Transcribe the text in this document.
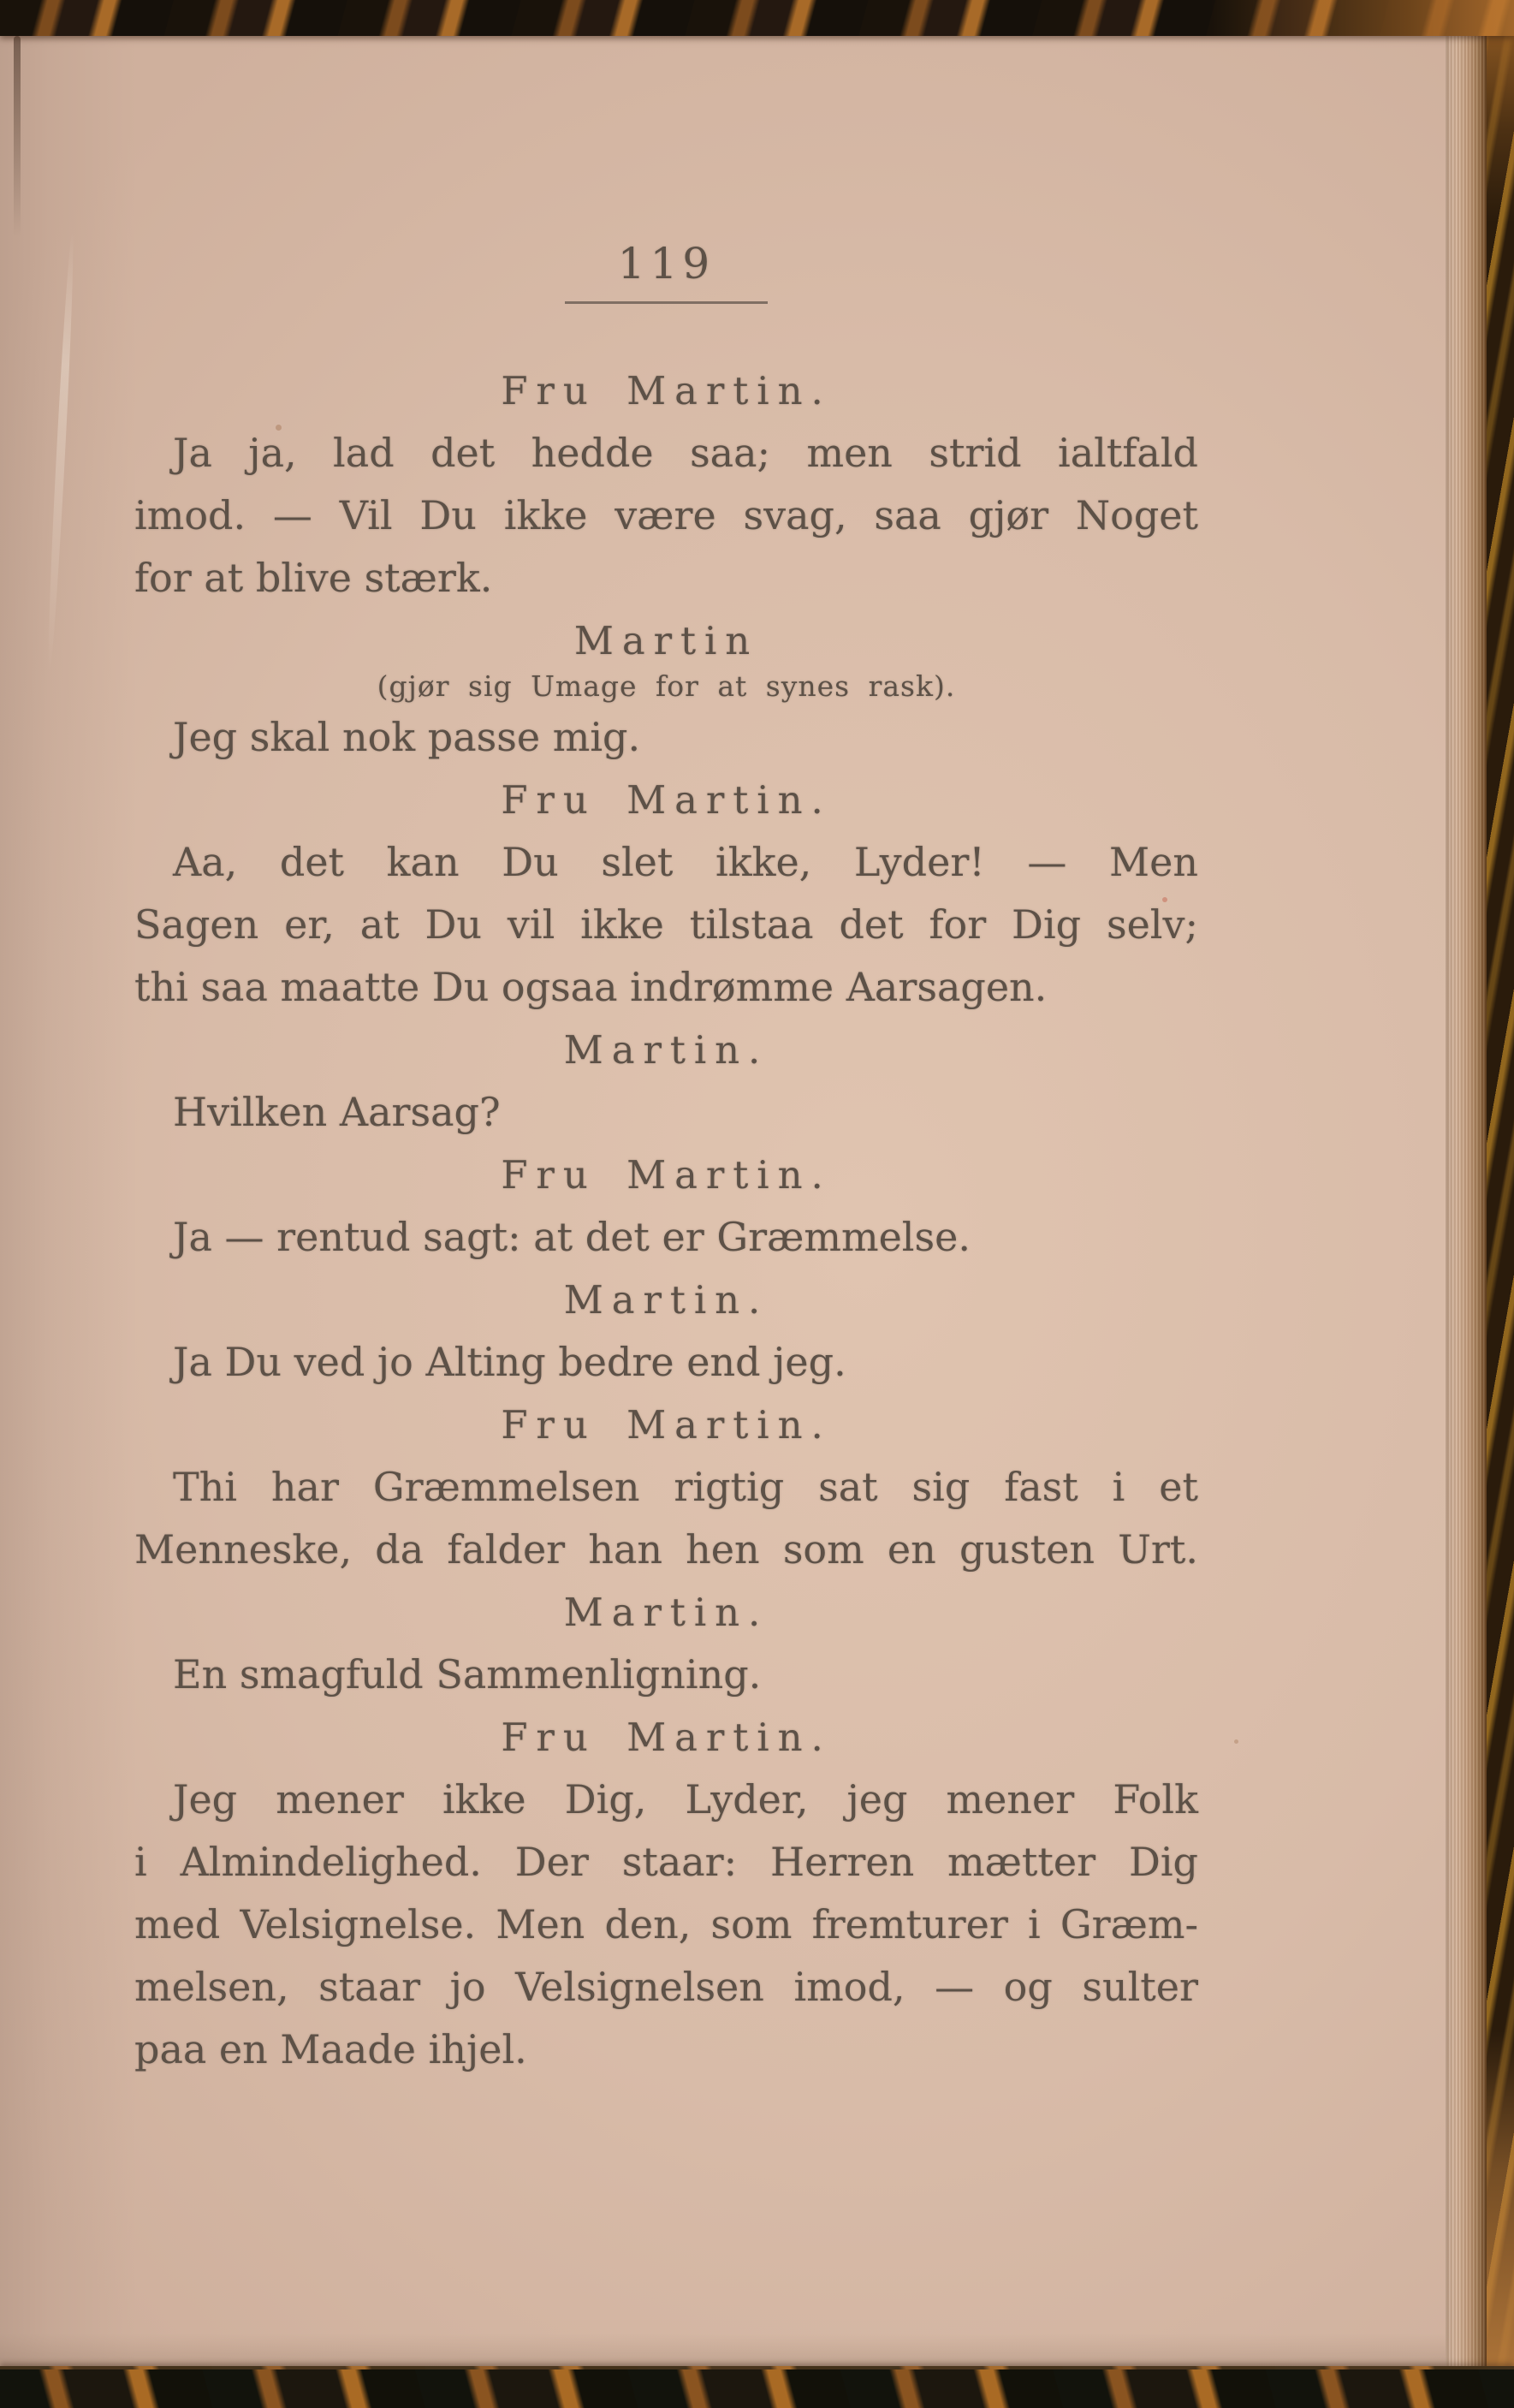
119
Fru Martin.
Ja ja, lad det hedde saa; men strid ialtfald
imod. — Vil Du ikke være svag, saa gjør Noget
for at blive stærk.
Martin
(gjør sig Umage for at synes rask).
Jeg skal nok passe mig.
Fru Martin.
Aa, det kan Du slet ikke, Lyder! — Men
Sagen er, at Du vil ikke tilstaa det for Dig selv;
thi saa maatte Du ogsaa indrømme Aarsagen.
Martin.
Hvilken Aarsag?
Fru Martin.
Ja — rentud sagt: at det er Græmmelse.
Martin.
Ja Du ved jo Alting bedre end jeg.
Fru Martin.
Thi har Græmmelsen rigtig sat sig fast i et
Menneske, da falder han hen som en gusten Urt.
Martin.
En smagfuld Sammenligning.
Fru Martin.
Jeg mener ikke Dig, Lyder, jeg mener Folk
i Almindelighed. Der staar: Herren mætter Dig
med Velsignelse. Men den, som fremturer i Græm-
melsen, staar jo Velsignelsen imod, — og sulter
paa en Maade ihjel.
